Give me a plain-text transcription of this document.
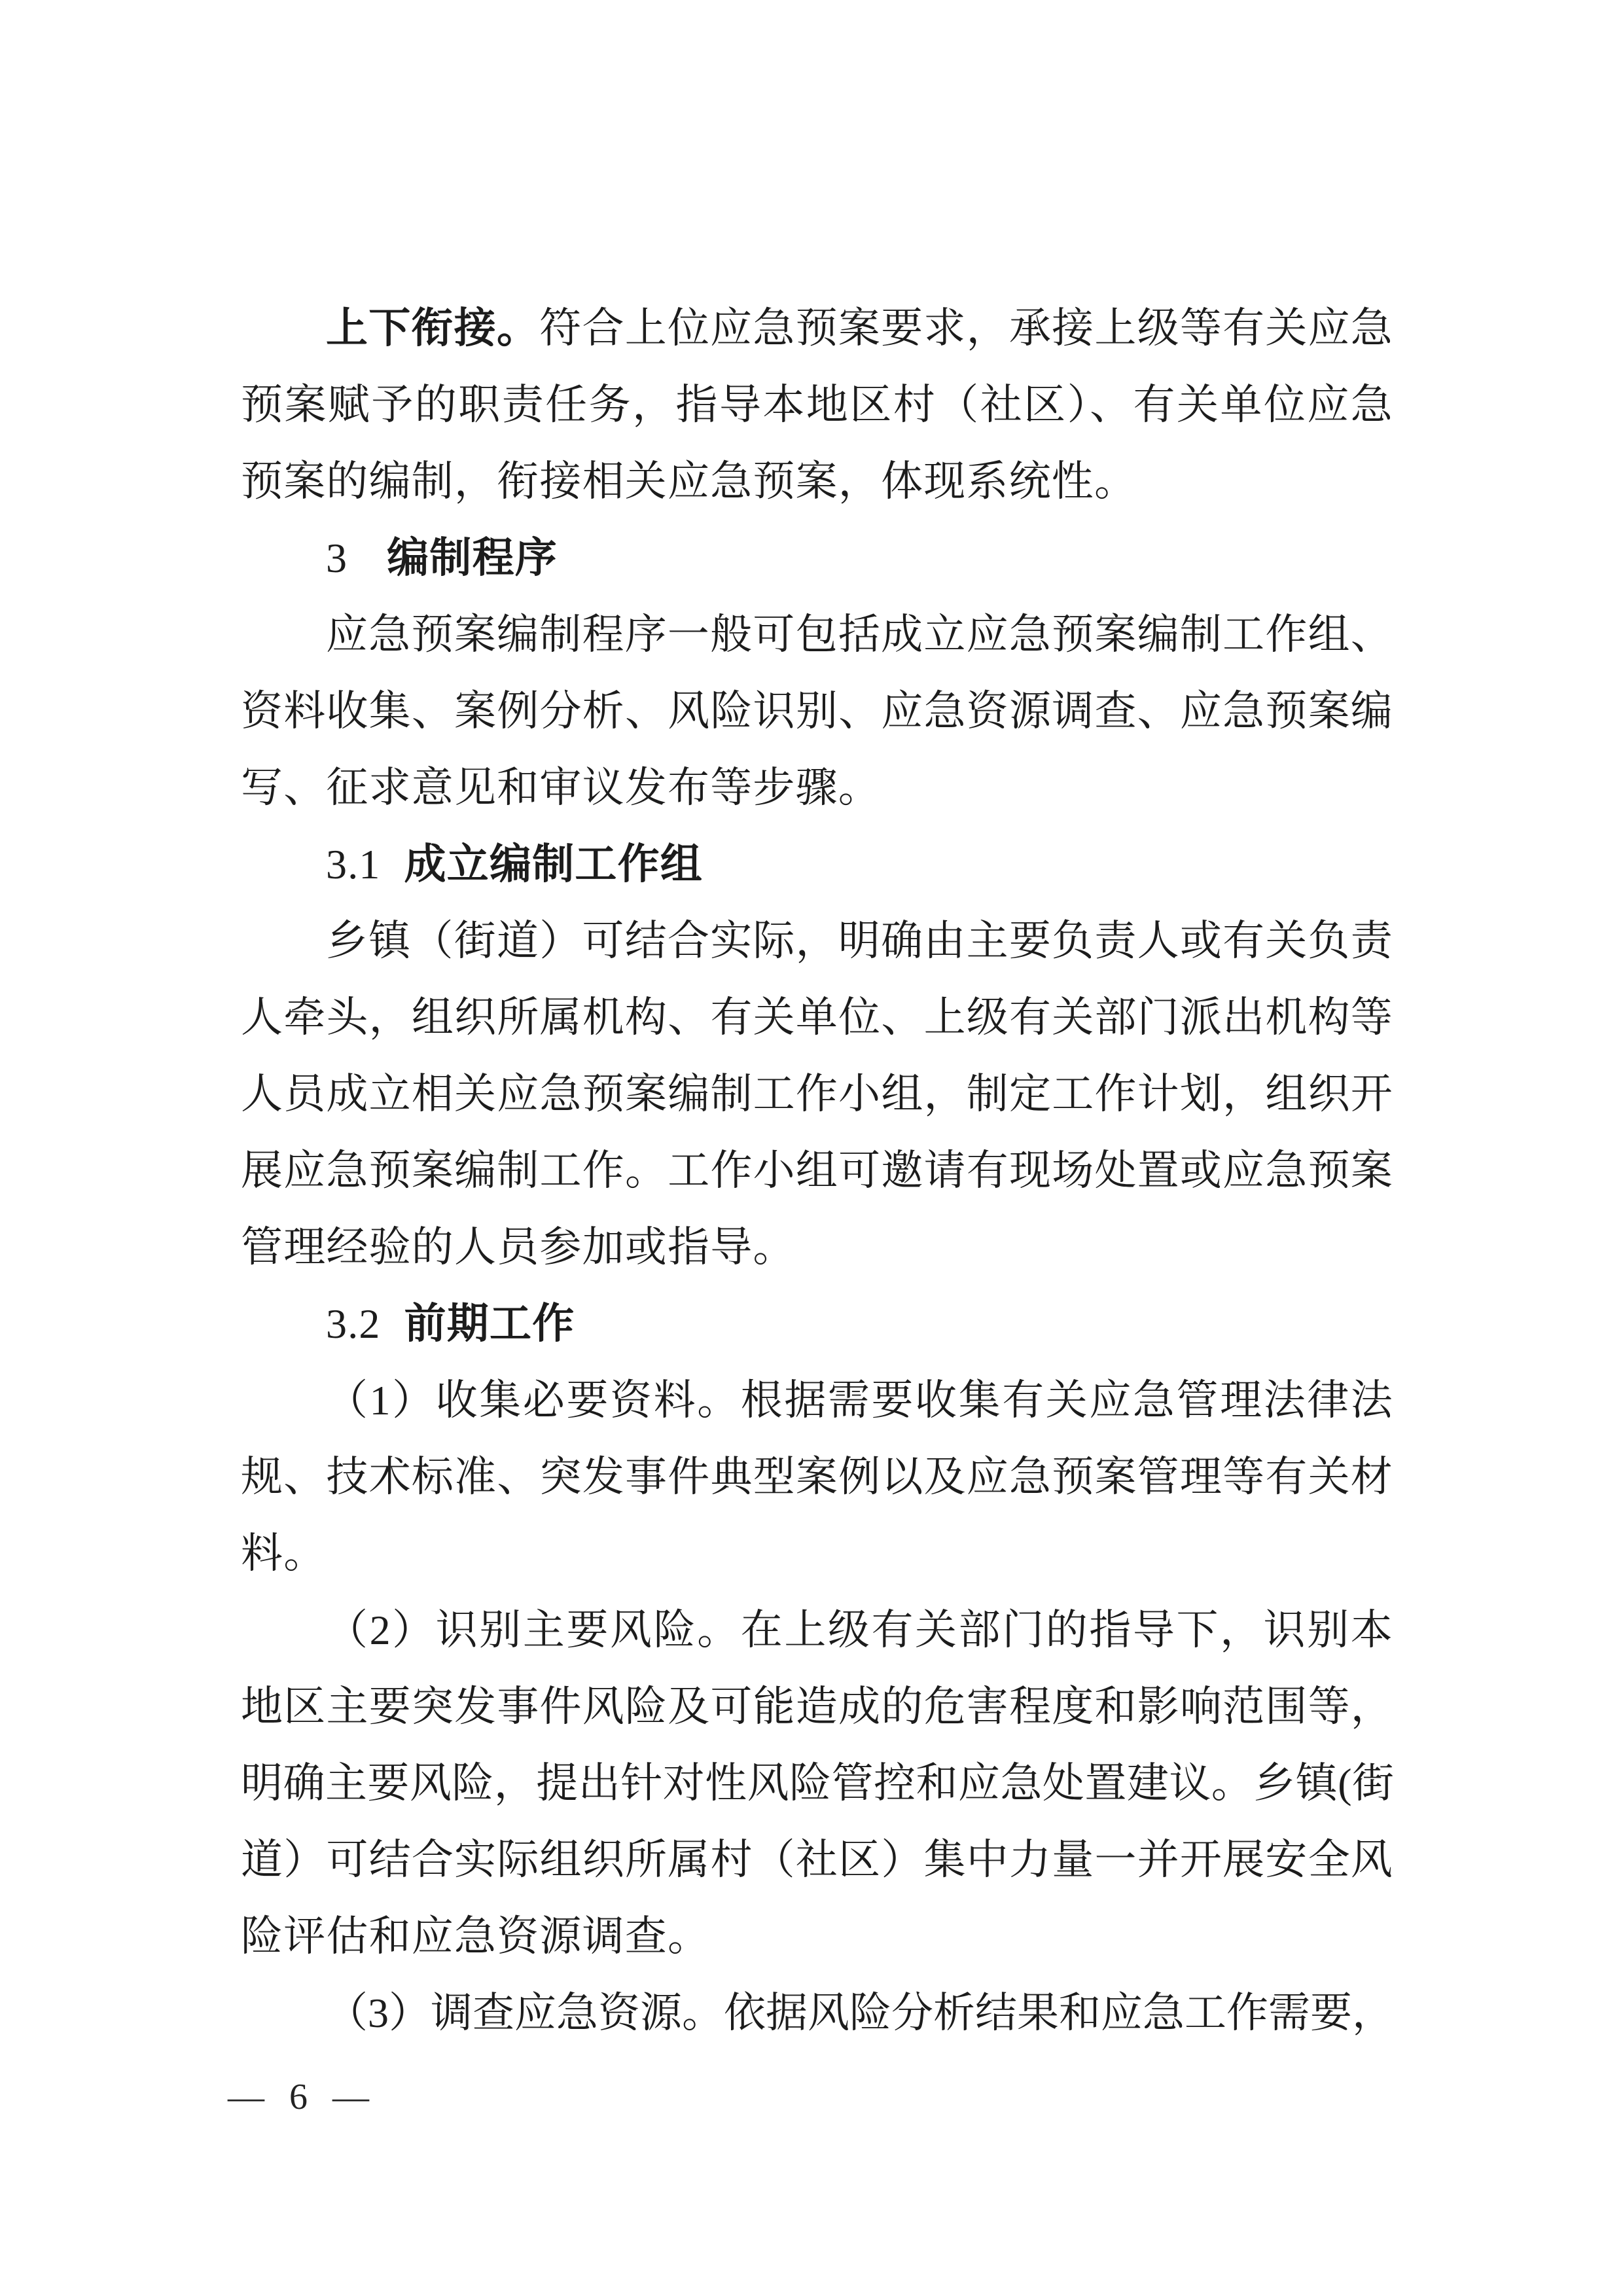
上下衔接。符合上位应急预案要求，承接上级等有关应急
预案赋予的职责任务，指导本地区村（社区）、有关单位应急
预案的编制，衔接相关应急预案，体现系统性。
3 编制程序
应急预案编制程序一般可包括成立应急预案编制工作组、
资料收集、案例分析、风险识别、应急资源调查、应急预案编
写、征求意见和审议发布等步骤。
3.1 成立编制工作组
乡镇（街道）可结合实际，明确由主要负责人或有关负责
人牵头，组织所属机构、有关单位、上级有关部门派出机构等
人员成立相关应急预案编制工作小组，制定工作计划，组织开
展应急预案编制工作。工作小组可邀请有现场处置或应急预案
管理经验的人员参加或指导。
3.2 前期工作
（1）收集必要资料。根据需要收集有关应急管理法律法
规、技术标准、突发事件典型案例以及应急预案管理等有关材
料。
（2）识别主要风险。在上级有关部门的指导下，识别本
地区主要突发事件风险及可能造成的危害程度和影响范围等，
明确主要风险，提出针对性风险管控和应急处置建议。乡镇(街
道）可结合实际组织所属村（社区）集中力量一并开展安全风
险评估和应急资源调查。
（3）调查应急资源。依据风险分析结果和应急工作需要，
— 6 —
